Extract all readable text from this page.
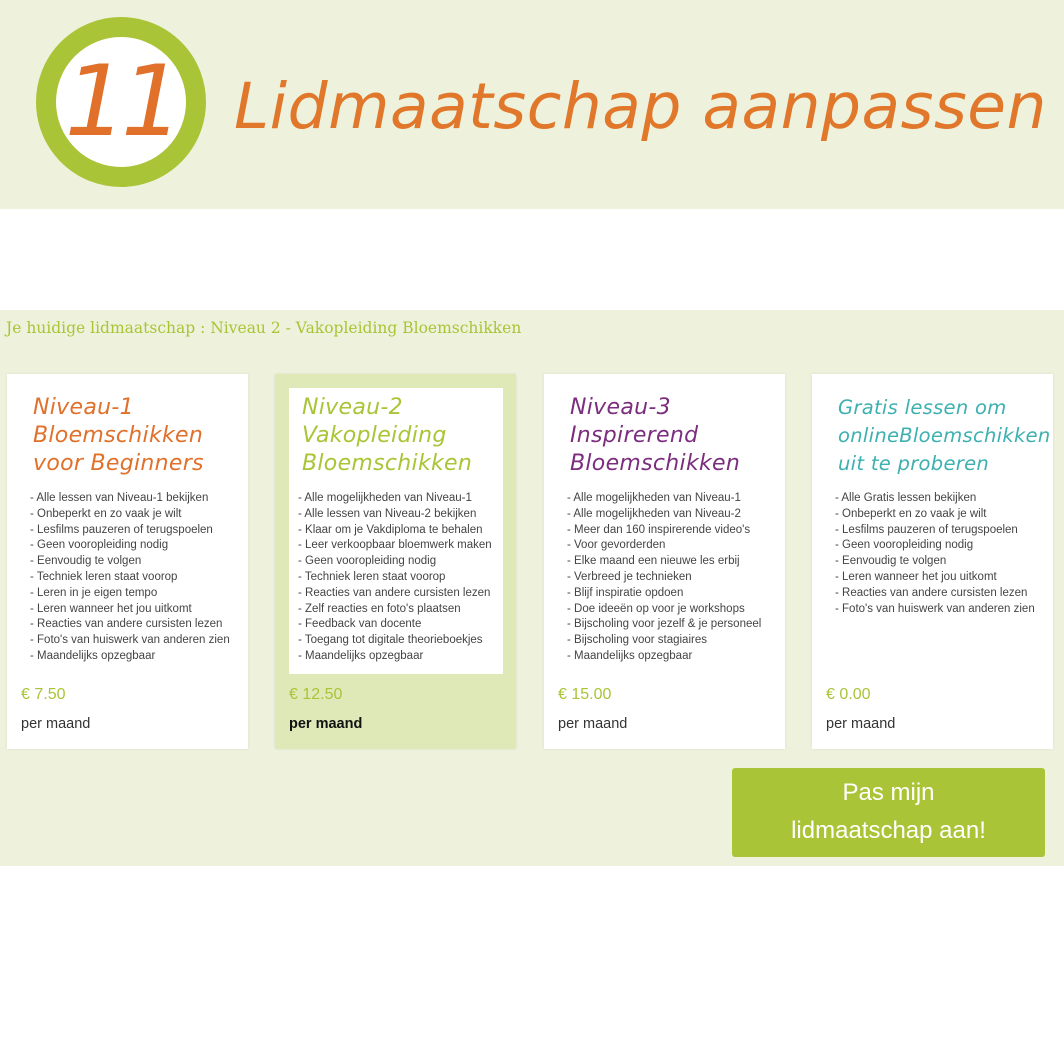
11 Lidmaatschap aanpassen
Je huidige lidmaatschap : Niveau 2 - Vakopleiding Bloemschikken
Niveau-1
Bloemschikken
voor Beginners
- Alle lessen van Niveau-1 bekijken
- Onbeperkt en zo vaak je wilt
- Lesfilms pauzeren of terugspoelen
- Geen vooropleiding nodig
- Eenvoudig te volgen
- Techniek leren staat voorop
- Leren in je eigen tempo
- Leren wanneer het jou uitkomt
- Reacties van andere cursisten lezen
- Foto's van huiswerk van anderen zien
- Maandelijks opzegbaar
€ 7.50
per maand
Niveau-2
Vakopleiding
Bloemschikken
- Alle mogelijkheden van Niveau-1
- Alle lessen van Niveau-2 bekijken
- Klaar om je Vakdiploma te behalen
- Leer verkoopbaar bloemwerk maken
- Geen vooropleiding nodig
- Techniek leren staat voorop
- Reacties van andere cursisten lezen
- Zelf reacties en foto's plaatsen
- Feedback van docente
- Toegang tot digitale theorieboekjes
- Maandelijks opzegbaar
€ 12.50
per maand
Niveau-3
Inspirerend
Bloemschikken
- Alle mogelijkheden van Niveau-1
- Alle mogelijkheden van Niveau-2
- Meer dan 160 inspirerende video's
- Voor gevorderden
- Elke maand een nieuwe les erbij
- Verbreed je technieken
- Blijf inspiratie opdoen
- Doe ideeën op voor je workshops
- Bijscholing voor jezelf & je personeel
- Bijscholing voor stagiaires
- Maandelijks opzegbaar
€ 15.00
per maand
Gratis lessen om
onlineBloemschikken
uit te proberen
- Alle Gratis lessen bekijken
- Onbeperkt en zo vaak je wilt
- Lesfilms pauzeren of terugspoelen
- Geen vooropleiding nodig
- Eenvoudig te volgen
- Leren wanneer het jou uitkomt
- Reacties van andere cursisten lezen
- Foto's van huiswerk van anderen zien
€ 0.00
per maand
Pas mijn
lidmaatschap aan!
